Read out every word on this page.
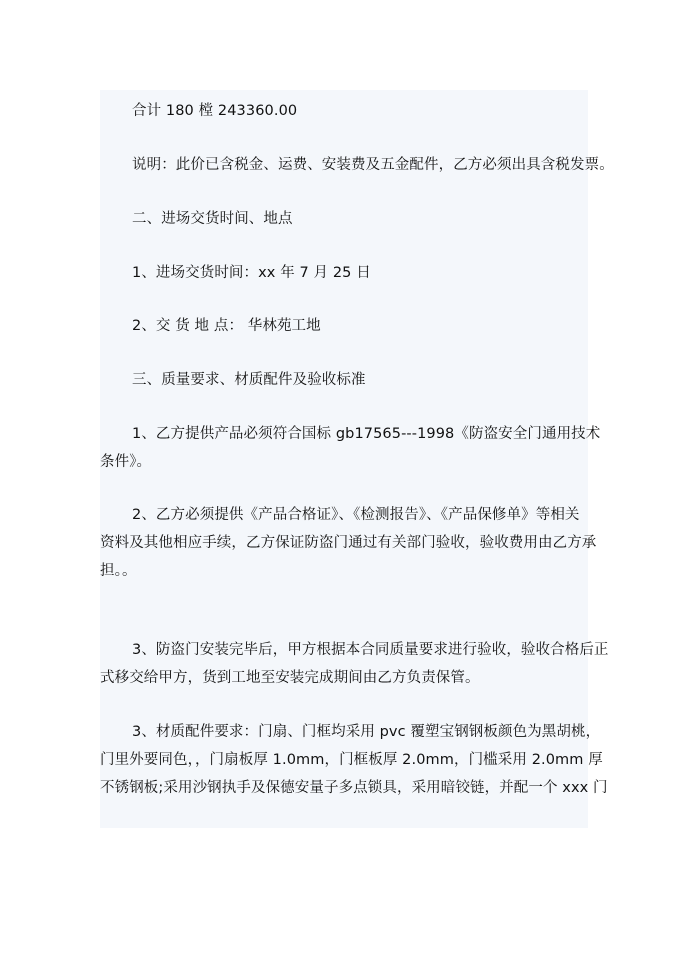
合计 180 樘 243360.00

说明：此价已含税金、运费、安装费及五金配件，乙方必须出具含税发票。

二、进场交货时间、地点

1、进场交货时间：xx 年 7 月 25 日

2、交 货 地 点： 华林苑工地

三、质量要求、材质配件及验收标准

1、乙方提供产品必须符合国标 gb17565---1998《防盗安全门通用技术
条件》。
2、乙方必须提供《产品合格证》、《检测报告》、《产品保修单》等相关
资料及其他相应手续，乙方保证防盗门通过有关部门验收，验收费用由乙方承
担。。
3、防盗门安装完毕后，甲方根据本合同质量要求进行验收，验收合格后正
式移交给甲方，货到工地至安装完成期间由乙方负责保管。
3、材质配件要求：门扇、门框均采用 pvc 覆塑宝钢钢板颜色为黑胡桃，
门里外要同色，，门扇板厚 1.0mm，门框板厚 2.0mm，门槛采用 2.0mm 厚
不锈钢板;采用沙钢执手及保德安量子多点锁具，采用暗铰链，并配一个 xxx 门
